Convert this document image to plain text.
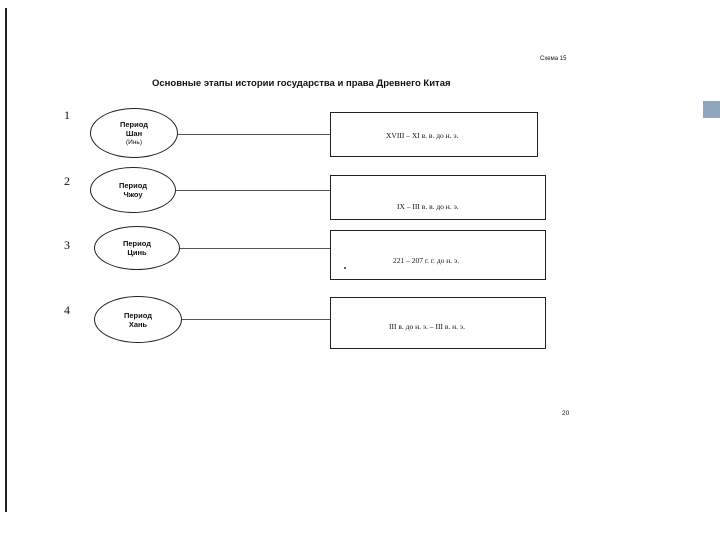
Схема 15
Основные этапы истории государства и права Древнего Китая
1
Период
Шан
(Инь)
XVIII – XI в. в. до н. э.
2	Период
Чжоу
IX – III в. в. до н. э.
3	Период
Цинь
221 – 207 г. г. до н. э.
4	Период
Хань	III в. до н. э. – III в. н. э.
20
